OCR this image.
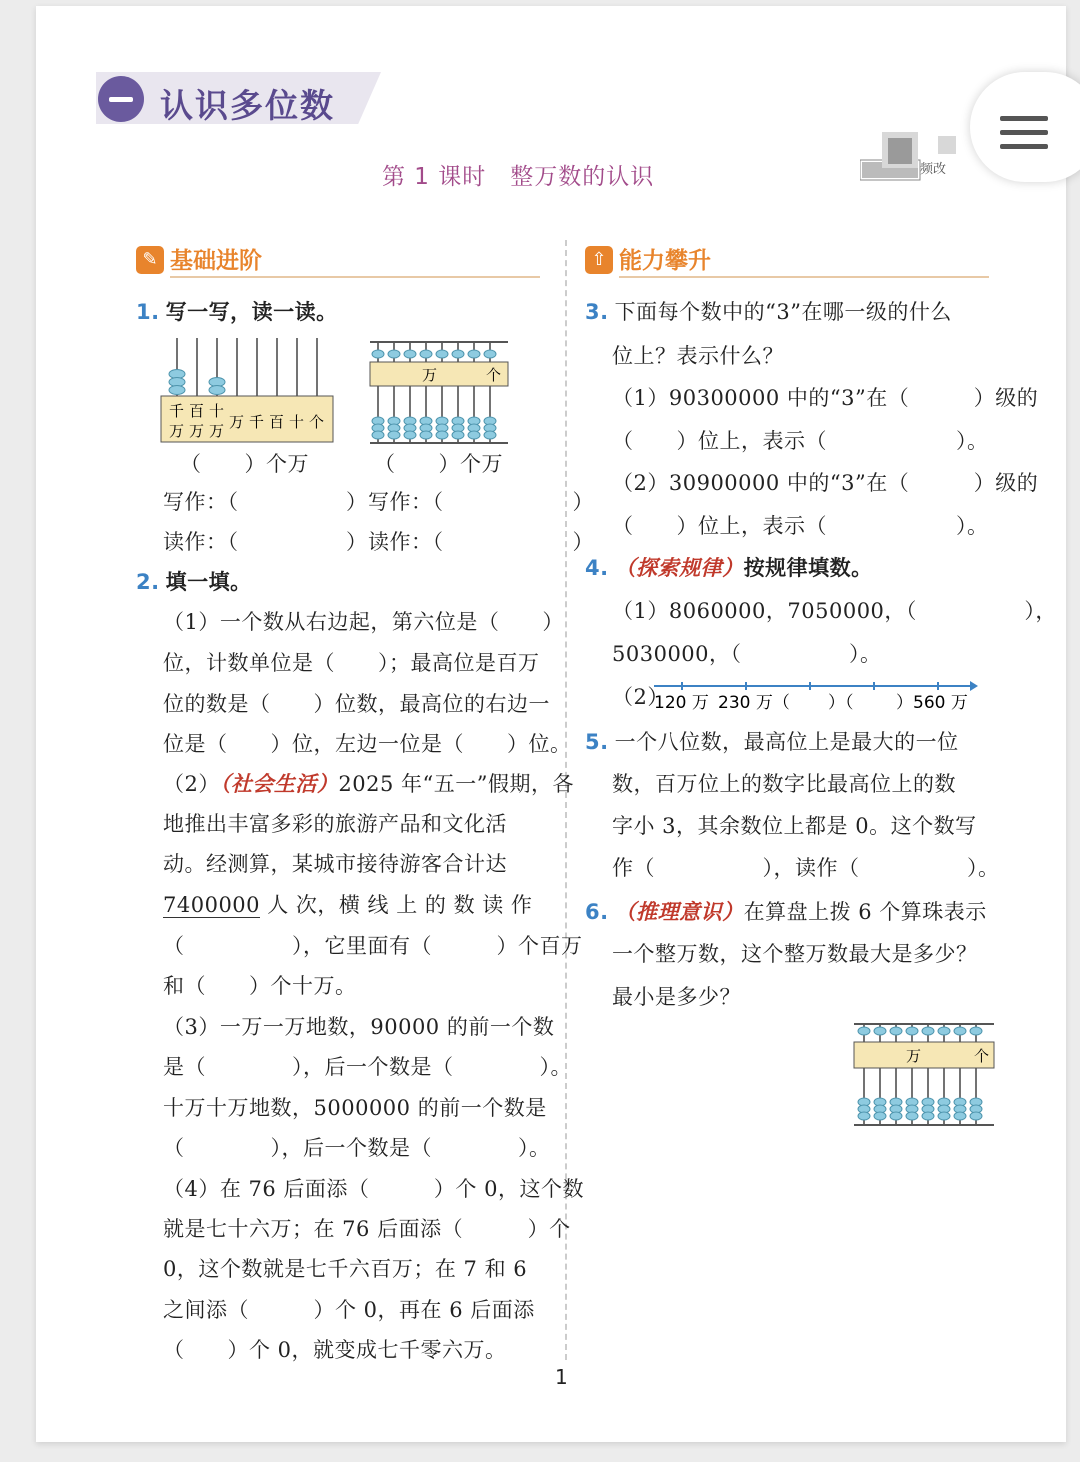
认识多位数
第 1 课时　整万数的认识	频改
✎ 基础进阶	⇧ 能力攀升
1. 写一写，读一读。
千 百 十
万 万 万 万 千 百 十 个
万	个
（　　）个万	（　　）个万
写作：（　　　　　） 写作：（　　　　　　）
读作：（　　　　　） 读作：（　　　　　　）
2. 填一填。
（1）一个数从右边起，第六位是（　　）
位，计数单位是（　　）；最高位是百万
位的数是（　　）位数，最高位的右边一
位是（　　）位，左边一位是（　　）位。
（2）（社会生活）2025 年“五一”假期，各
地推出丰富多彩的旅游产品和文化活
动。经测算，某城市接待游客合计达
7400000 人 次，横 线 上 的 数 读 作
（　　　　　），它里面有（　　　）个百万
和（　　）个十万。
（3）一万一万地数，90000 的前一个数
是（　　　　），后一个数是（　　　　）。
十万十万地数，5000000 的前一个数是
（　　　　），后一个数是（　　　　）。
（4）在 76 后面添（　　　）个 0，这个数
就是七十六万；在 76 后面添（　　　）个
0，这个数就是七千六百万；在 7 和 6
之间添（　　　）个 0，再在 6 后面添
（　　）个 0，就变成七千零六万。
3. 下面每个数中的“3”在哪一级的什么
位上？表示什么？
（1）90300000 中的“3”在（　　　）级的
（　　）位上，表示（　　　　　　）。
（2）30900000 中的“3”在（　　　）级的
（　　）位上，表示（　　　　　　）。
4. （探索规律）按规律填数。
（1）8060000，7050000，（　　　　　），
5030000，（　　　　　）。
（2）
120 万 230 万（ ）（	）560 万
5. 一个八位数，最高位上是最大的一位
数，百万位上的数字比最高位上的数
字小 3，其余数位上都是 0。这个数写
作（　　　　　），读作（　　　　　）。
6. （推理意识）在算盘上拨 6 个算珠表示
一个整万数，这个整万数最大是多少？
最小是多少？
万	个
1
